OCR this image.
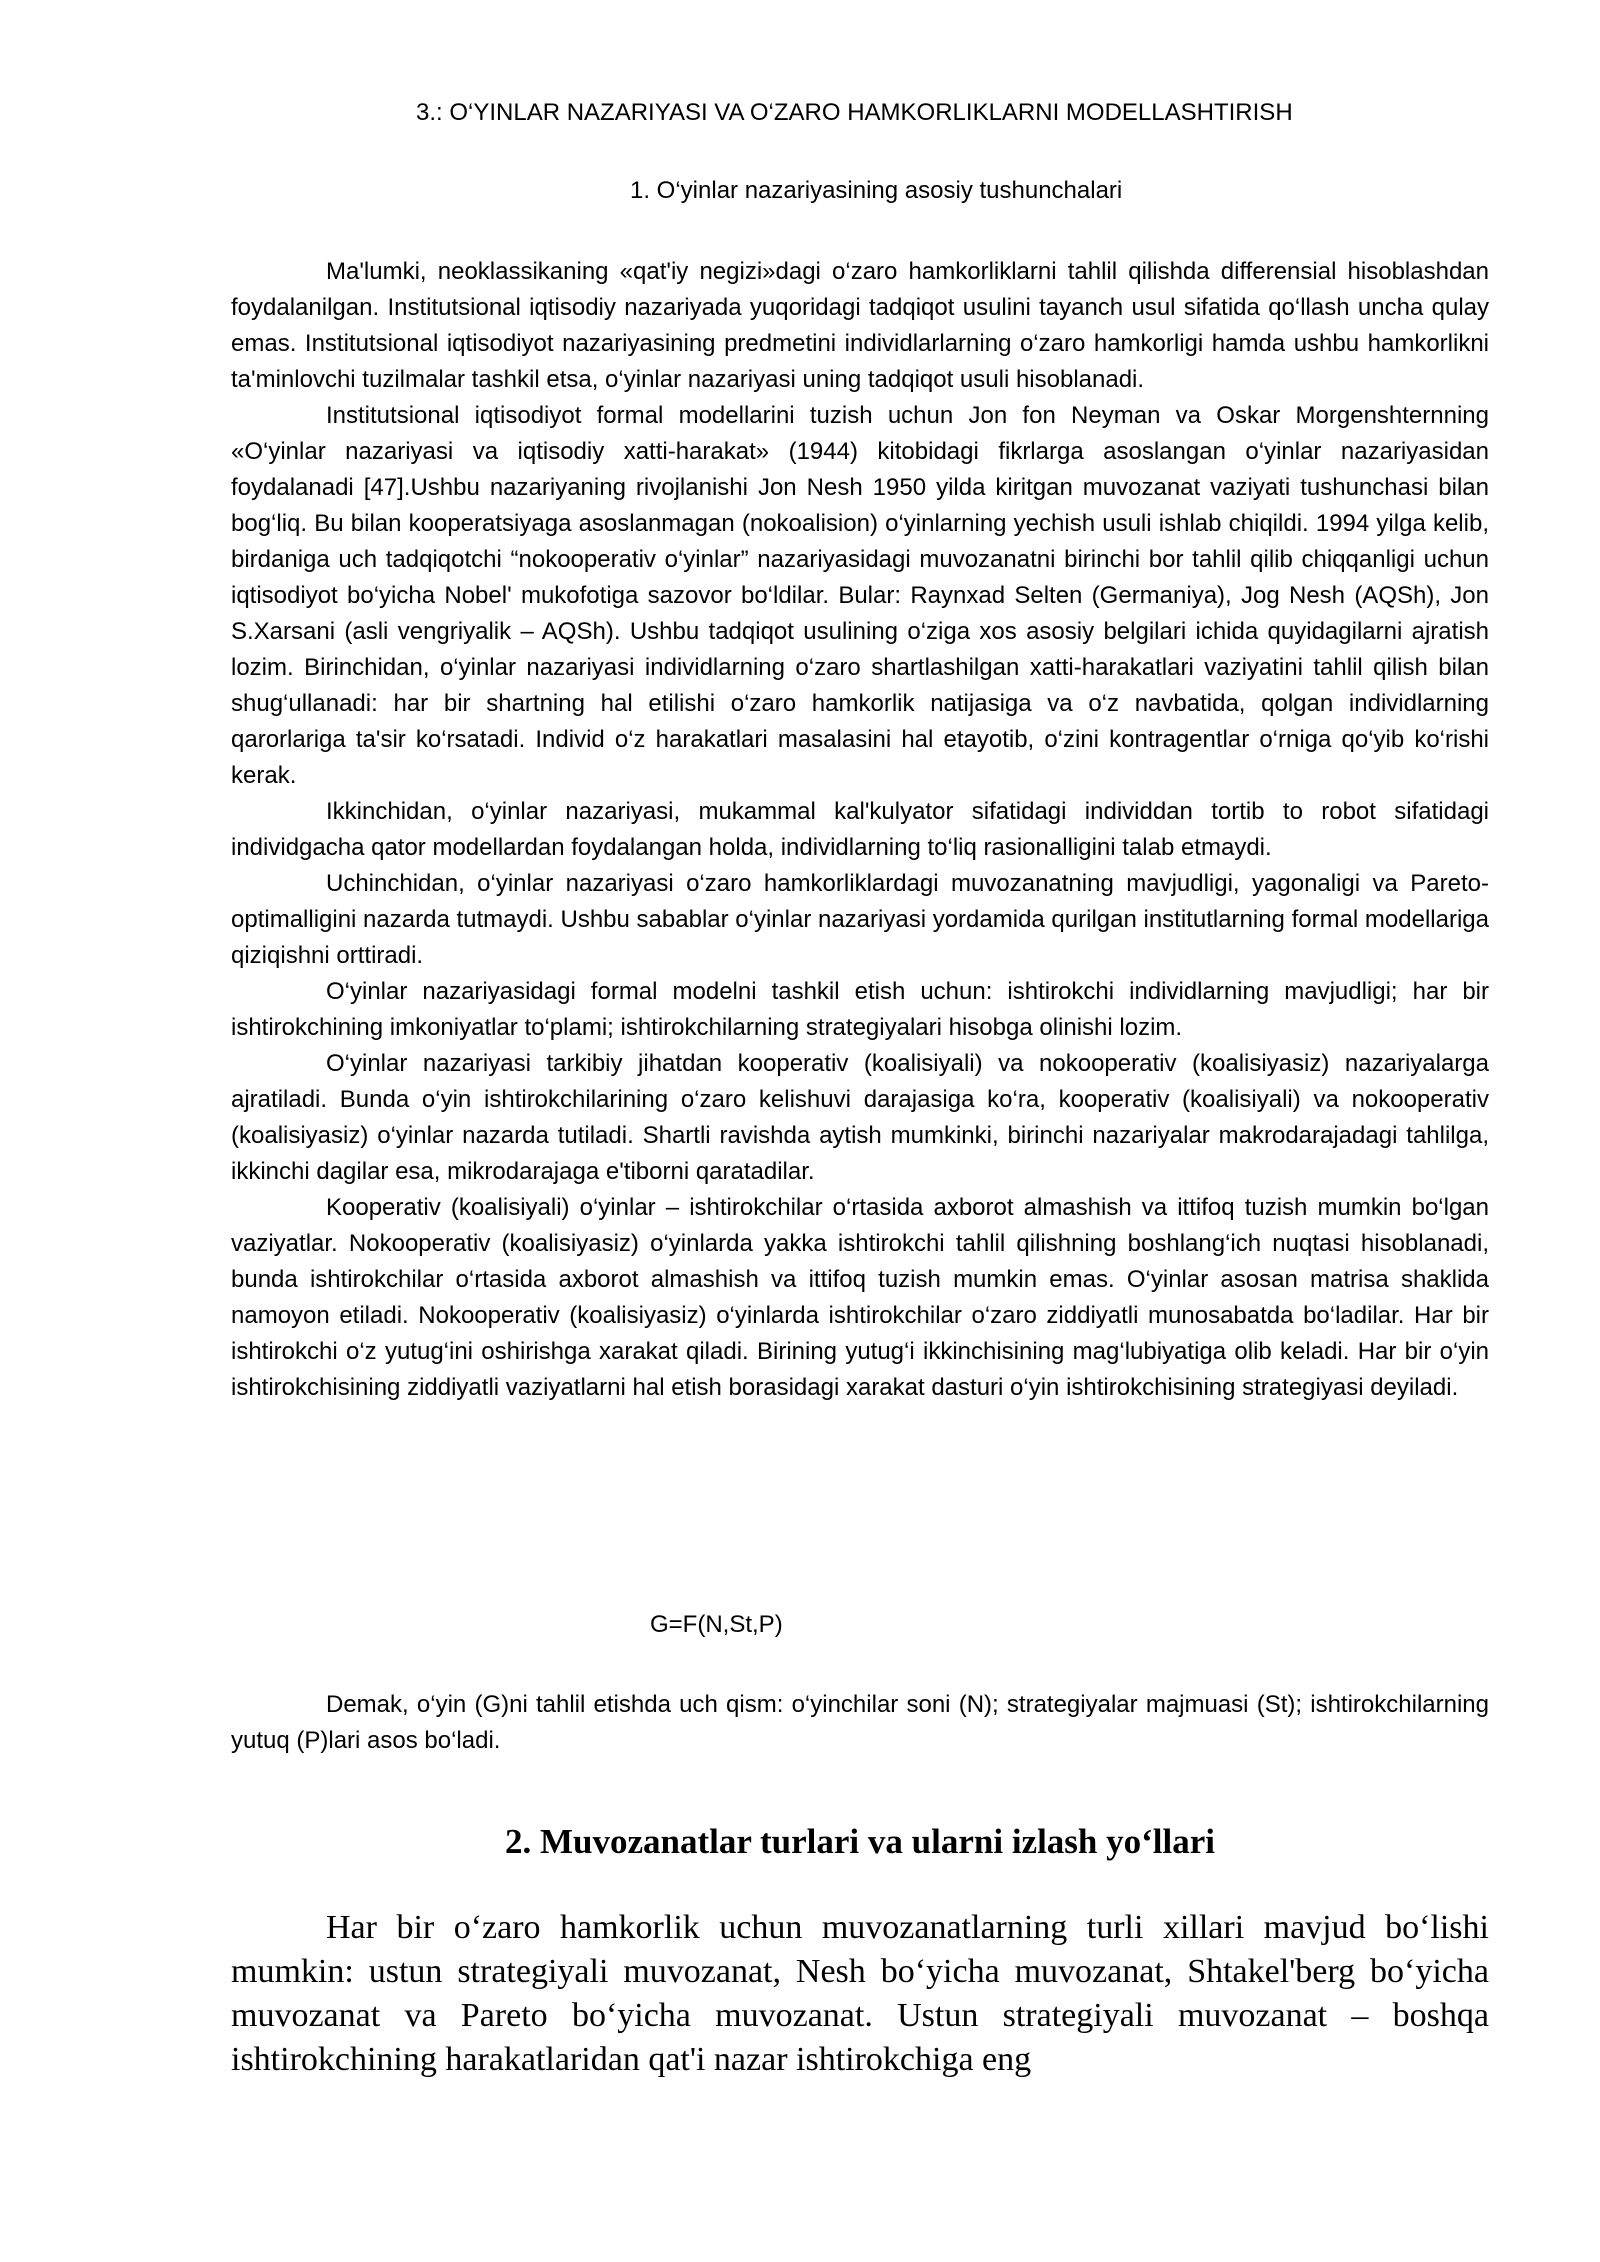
3.: O‘YINLAR NAZARIYASI VA O‘ZARO HAMKORLIKLARNI MODELLASHTIRISH
1. O‘yinlar nazariyasining asosiy tushunchalari

Ma'lumki, neoklassikaning «qat'iy negizi»dagi o‘zaro hamkorliklarni tahlil qilishda differensial hisoblashdan foydalanilgan. Institutsional iqtisodiy nazariyada yuqoridagi tadqiqot usulini tayanch usul sifatida qo‘llash uncha qulay emas. Institutsional iqtisodiyot nazariyasining predmetini individlarlarning o‘zaro hamkorligi hamda ushbu hamkorlikni ta'minlovchi tuzilmalar tashkil etsa, o‘yinlar nazariyasi uning tadqiqot usuli hisoblanadi.

Institutsional iqtisodiyot formal modellarini tuzish uchun Jon fon Neyman va Oskar Morgenshternning «O‘yinlar nazariyasi va iqtisodiy xatti-harakat» (1944) kitobidagi fikrlarga asoslangan o‘yinlar nazariyasidan foydalanadi [47].Ushbu nazariyaning rivojlanishi Jon Nesh 1950 yilda kiritgan muvozanat vaziyati tushunchasi bilan bog‘liq. Bu bilan kooperatsiyaga asoslanmagan (nokoalision) o‘yinlarning yechish usuli ishlab chiqildi. 1994 yilga kelib, birdaniga uch tadqiqotchi “nokooperativ o‘yinlar” nazariyasidagi muvozanatni birinchi bor tahlil qilib chiqqanligi uchun iqtisodiyot bo‘yicha Nobel' mukofotiga sazovor bo‘ldilar. Bular: Raynxad Selten (Germaniya), Jog Nesh (AQSh), Jon S.Xarsani (asli vengriyalik – AQSh). Ushbu tadqiqot usulining o‘ziga xos asosiy belgilari ichida quyidagilarni ajratish lozim. Birinchidan, o‘yinlar nazariyasi individlarning o‘zaro shartlashilgan xatti-harakatlari vaziyatini tahlil qilish bilan shug‘ullanadi: har bir shartning hal etilishi o‘zaro hamkorlik natijasiga va o‘z navbatida, qolgan individlarning qarorlariga ta'sir ko‘rsatadi. Individ o‘z harakatlari masalasini hal etayotib, o‘zini kontragentlar o‘rniga qo‘yib ko‘rishi kerak.

Ikkinchidan, o‘yinlar nazariyasi, mukammal kal'kulyator sifatidagi individdan tortib to robot sifatidagi individgacha qator modellardan foydalangan holda, individlarning to‘liq rasionalligini talab etmaydi.

Uchinchidan, o‘yinlar nazariyasi o‘zaro hamkorliklardagi muvozanatning mavjudligi, yagonaligi va Pareto-optimalligini nazarda tutmaydi. Ushbu sabablar o‘yinlar nazariyasi yordamida qurilgan institutlarning formal modellariga qiziqishni orttiradi.

O‘yinlar nazariyasidagi formal modelni tashkil etish uchun: ishtirokchi individlarning mavjudligi; har bir ishtirokchining imkoniyatlar to‘plami; ishtirokchilarning strategiyalari hisobga olinishi lozim.

O‘yinlar nazariyasi tarkibiy jihatdan kooperativ (koalisiyali) va nokooperativ (koalisiyasiz) nazariyalarga ajratiladi. Bunda o‘yin ishtirokchilarining o‘zaro kelishuvi darajasiga ko‘ra, kooperativ (koalisiyali) va nokooperativ (koalisiyasiz) o‘yinlar nazarda tutiladi. Shartli ravishda aytish mumkinki, birinchi nazariyalar makrodarajadagi tahlilga, ikkinchi dagilar esa, mikrodarajaga e'tiborni qaratadilar.

Kooperativ (koalisiyali) o‘yinlar – ishtirokchilar o‘rtasida axborot almashish va ittifoq tuzish mumkin bo‘lgan vaziyatlar. Nokooperativ (koalisiyasiz) o‘yinlarda yakka ishtirokchi tahlil qilishning boshlang‘ich nuqtasi hisoblanadi, bunda ishtirokchilar o‘rtasida axborot almashish va ittifoq tuzish mumkin emas. O‘yinlar asosan matrisa shaklida namoyon etiladi. Nokooperativ (koalisiyasiz) o‘yinlarda ishtirokchilar o‘zaro ziddiyatli munosabatda bo‘ladilar. Har bir ishtirokchi o‘z yutug‘ini oshirishga xarakat qiladi. Birining yutug‘i ikkinchisining mag‘lubiyatiga olib keladi. Har bir o‘yin ishtirokchisining ziddiyatli vaziyatlarni hal etish borasidagi xarakat dasturi o‘yin ishtirokchisining strategiyasi deyiladi.

G=F(N,St,P)

Demak, o‘yin (G)ni tahlil etishda uch qism: o‘yinchilar soni (N); strategiyalar majmuasi (St); ishtirokchilarning yutuq (P)lari asos bo‘ladi.

2. Muvozanatlar turlari va ularni izlash yo‘llari

Har bir o‘zaro hamkorlik uchun muvozanatlarning turli xillari mavjud bo‘lishi mumkin: ustun strategiyali muvozanat, Nesh bo‘yicha muvozanat, Shtakel'berg bo‘yicha muvozanat va Pareto bo‘yicha muvozanat. Ustun strategiyali muvozanat – boshqa ishtirokchining harakatlaridan qat'i nazar ishtirokchiga eng
